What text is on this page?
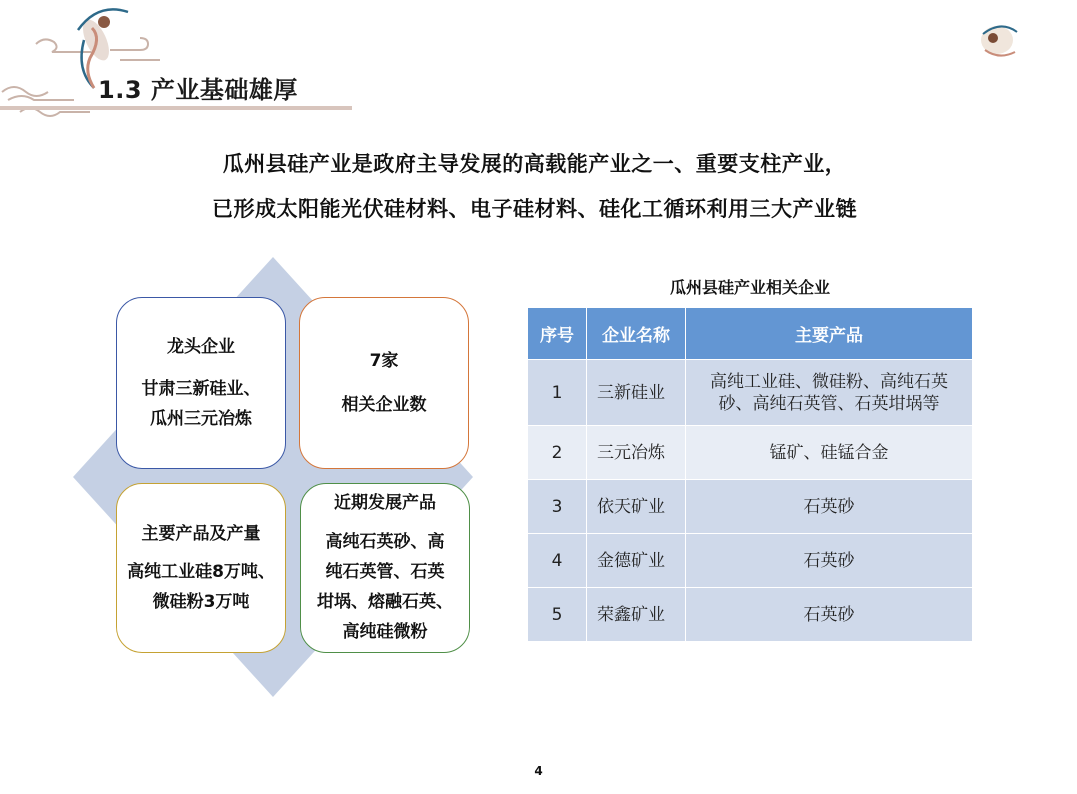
1.3 产业基础雄厚
瓜州县硅产业是政府主导发展的高载能产业之一、重要支柱产业，
已形成太阳能光伏硅材料、电子硅材料、硅化工循环利用三大产业链
龙头企业
甘肃三新硅业、
瓜州三元冶炼
7家
相关企业数
主要产品及产量
高纯工业硅8万吨、
微硅粉3万吨
近期发展产品
高纯石英砂、高
纯石英管、石英
坩埚、熔融石英、
高纯硅微粉
瓜州县硅产业相关企业
序号	企业名称	主要产品
1	三新硅业	高纯工业硅、微硅粉、高纯石英
砂、高纯石英管、石英坩埚等

2	三元冶炼	锰矿、硅锰合金
3	依天矿业	石英砂
4	金德矿业	石英砂
5	荣鑫矿业	石英砂
4
